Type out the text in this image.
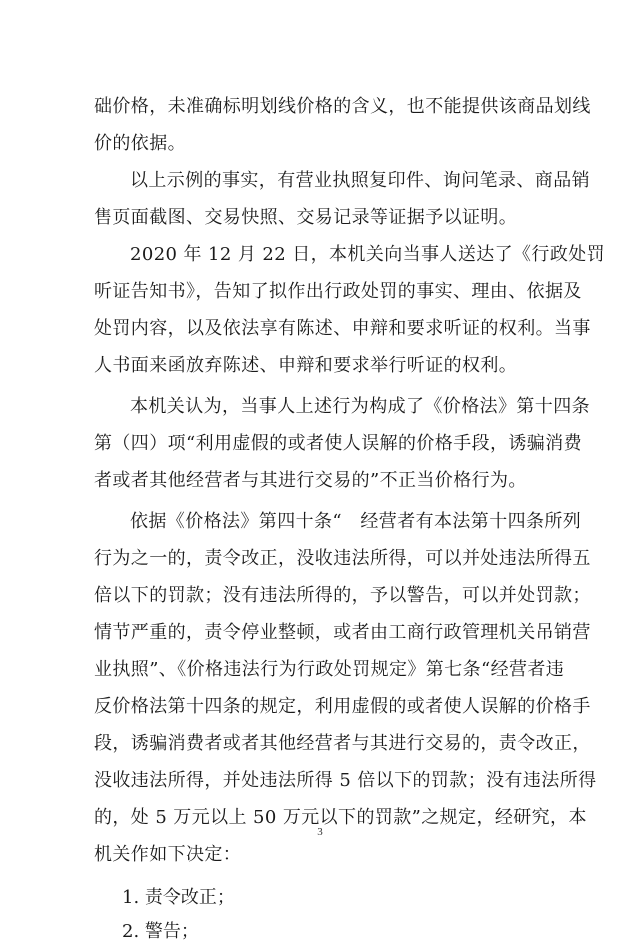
础价格，未准确标明划线价格的含义，也不能提供该商品划线
价的依据。
以上示例的事实，有营业执照复印件、询问笔录、商品销
售页面截图、交易快照、交易记录等证据予以证明。
2020 年 12 月 22 日，本机关向当事人送达了《行政处罚
听证告知书》，告知了拟作出行政处罚的事实、理由、依据及
处罚内容，以及依法享有陈述、申辩和要求听证的权利。当事
人书面来函放弃陈述、申辩和要求举行听证的权利。
本机关认为，当事人上述行为构成了《价格法》第十四条
第（四）项“利用虚假的或者使人误解的价格手段，诱骗消费
者或者其他经营者与其进行交易的”不正当价格行为。
依据《价格法》第四十条“　经营者有本法第十四条所列
行为之一的，责令改正，没收违法所得，可以并处违法所得五
倍以下的罚款；没有违法所得的，予以警告，可以并处罚款；
情节严重的，责令停业整顿，或者由工商行政管理机关吊销营
业执照”、《价格违法行为行政处罚规定》第七条“经营者违
反价格法第十四条的规定，利用虚假的或者使人误解的价格手
段，诱骗消费者或者其他经营者与其进行交易的，责令改正，
没收违法所得，并处违法所得 5 倍以下的罚款；没有违法所得
的，处 5 万元以上 50 万元以下的罚款”之规定，经研究，本
机关作如下决定：
1. 责令改正；
2. 警告；
3
